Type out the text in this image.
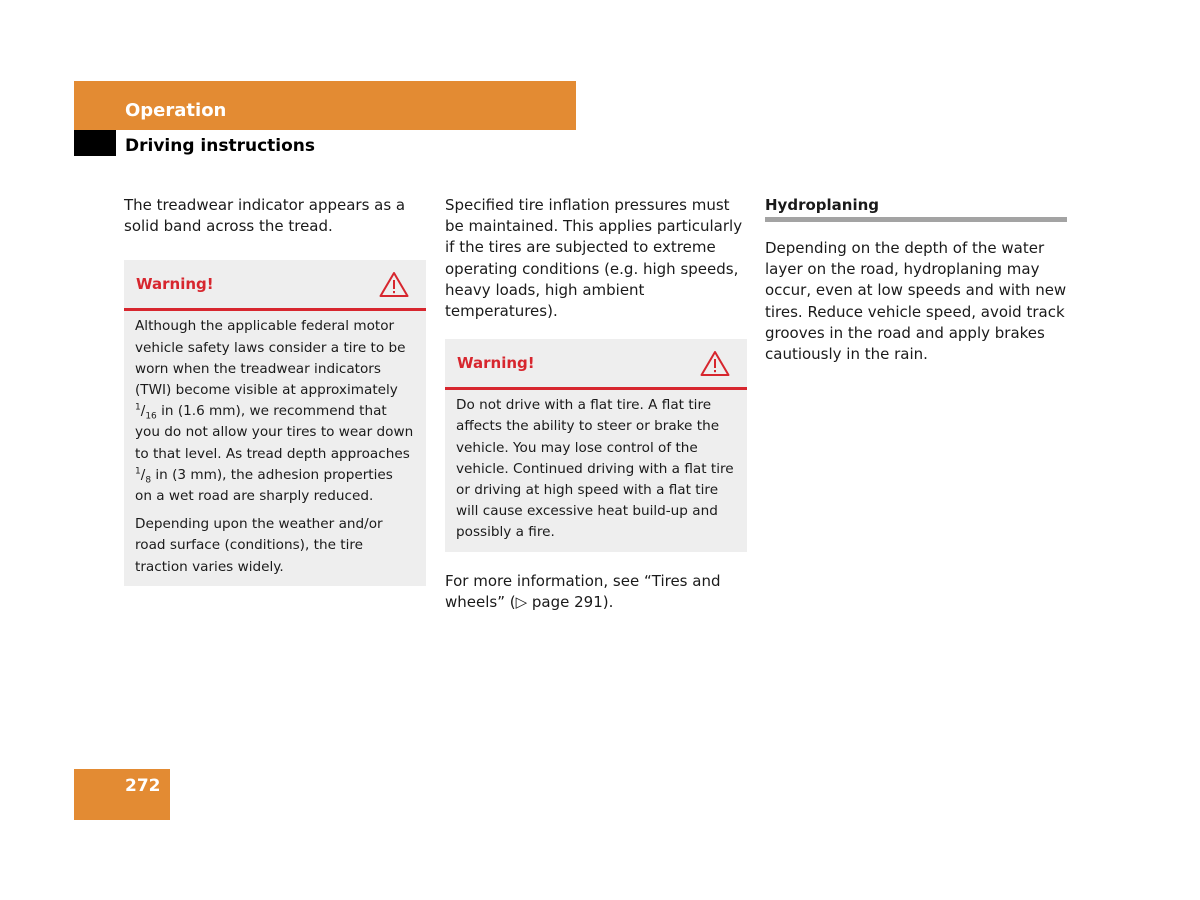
Operation
Driving instructions

The treadwear indicator appears as a solid band across the tread.

Warning!

Although the applicable federal motor vehicle safety laws consider a tire to be worn when the treadwear indicators (TWI) become visible at approximately
$^1/_{16}$ in (1.6 mm), we recommend that you do not allow your tires to wear down to that level. As tread depth approaches
$^1/_8$ in (3 mm), the adhesion properties on a wet road are sharply reduced.

Depending upon the weather and/or road surface (conditions), the tire traction varies widely.

Specified tire inflation pressures must be maintained. This applies particularly if the tires are subjected to extreme operating conditions (e.g. high speeds, heavy loads, high ambient temperatures).

Warning!

Do not drive with a flat tire. A flat tire affects the ability to steer or brake the vehicle. You may lose control of the vehicle. Continued driving with a flat tire or driving at high speed with a flat tire will cause excessive heat build-up and possibly a fire.

For more information, see “Tires and wheels” (▷ page 291).

Hydroplaning

Depending on the depth of the water layer on the road, hydroplaning may occur, even at low speeds and with new tires. Reduce vehicle speed, avoid track grooves in the road and apply brakes cautiously in the rain.

272
